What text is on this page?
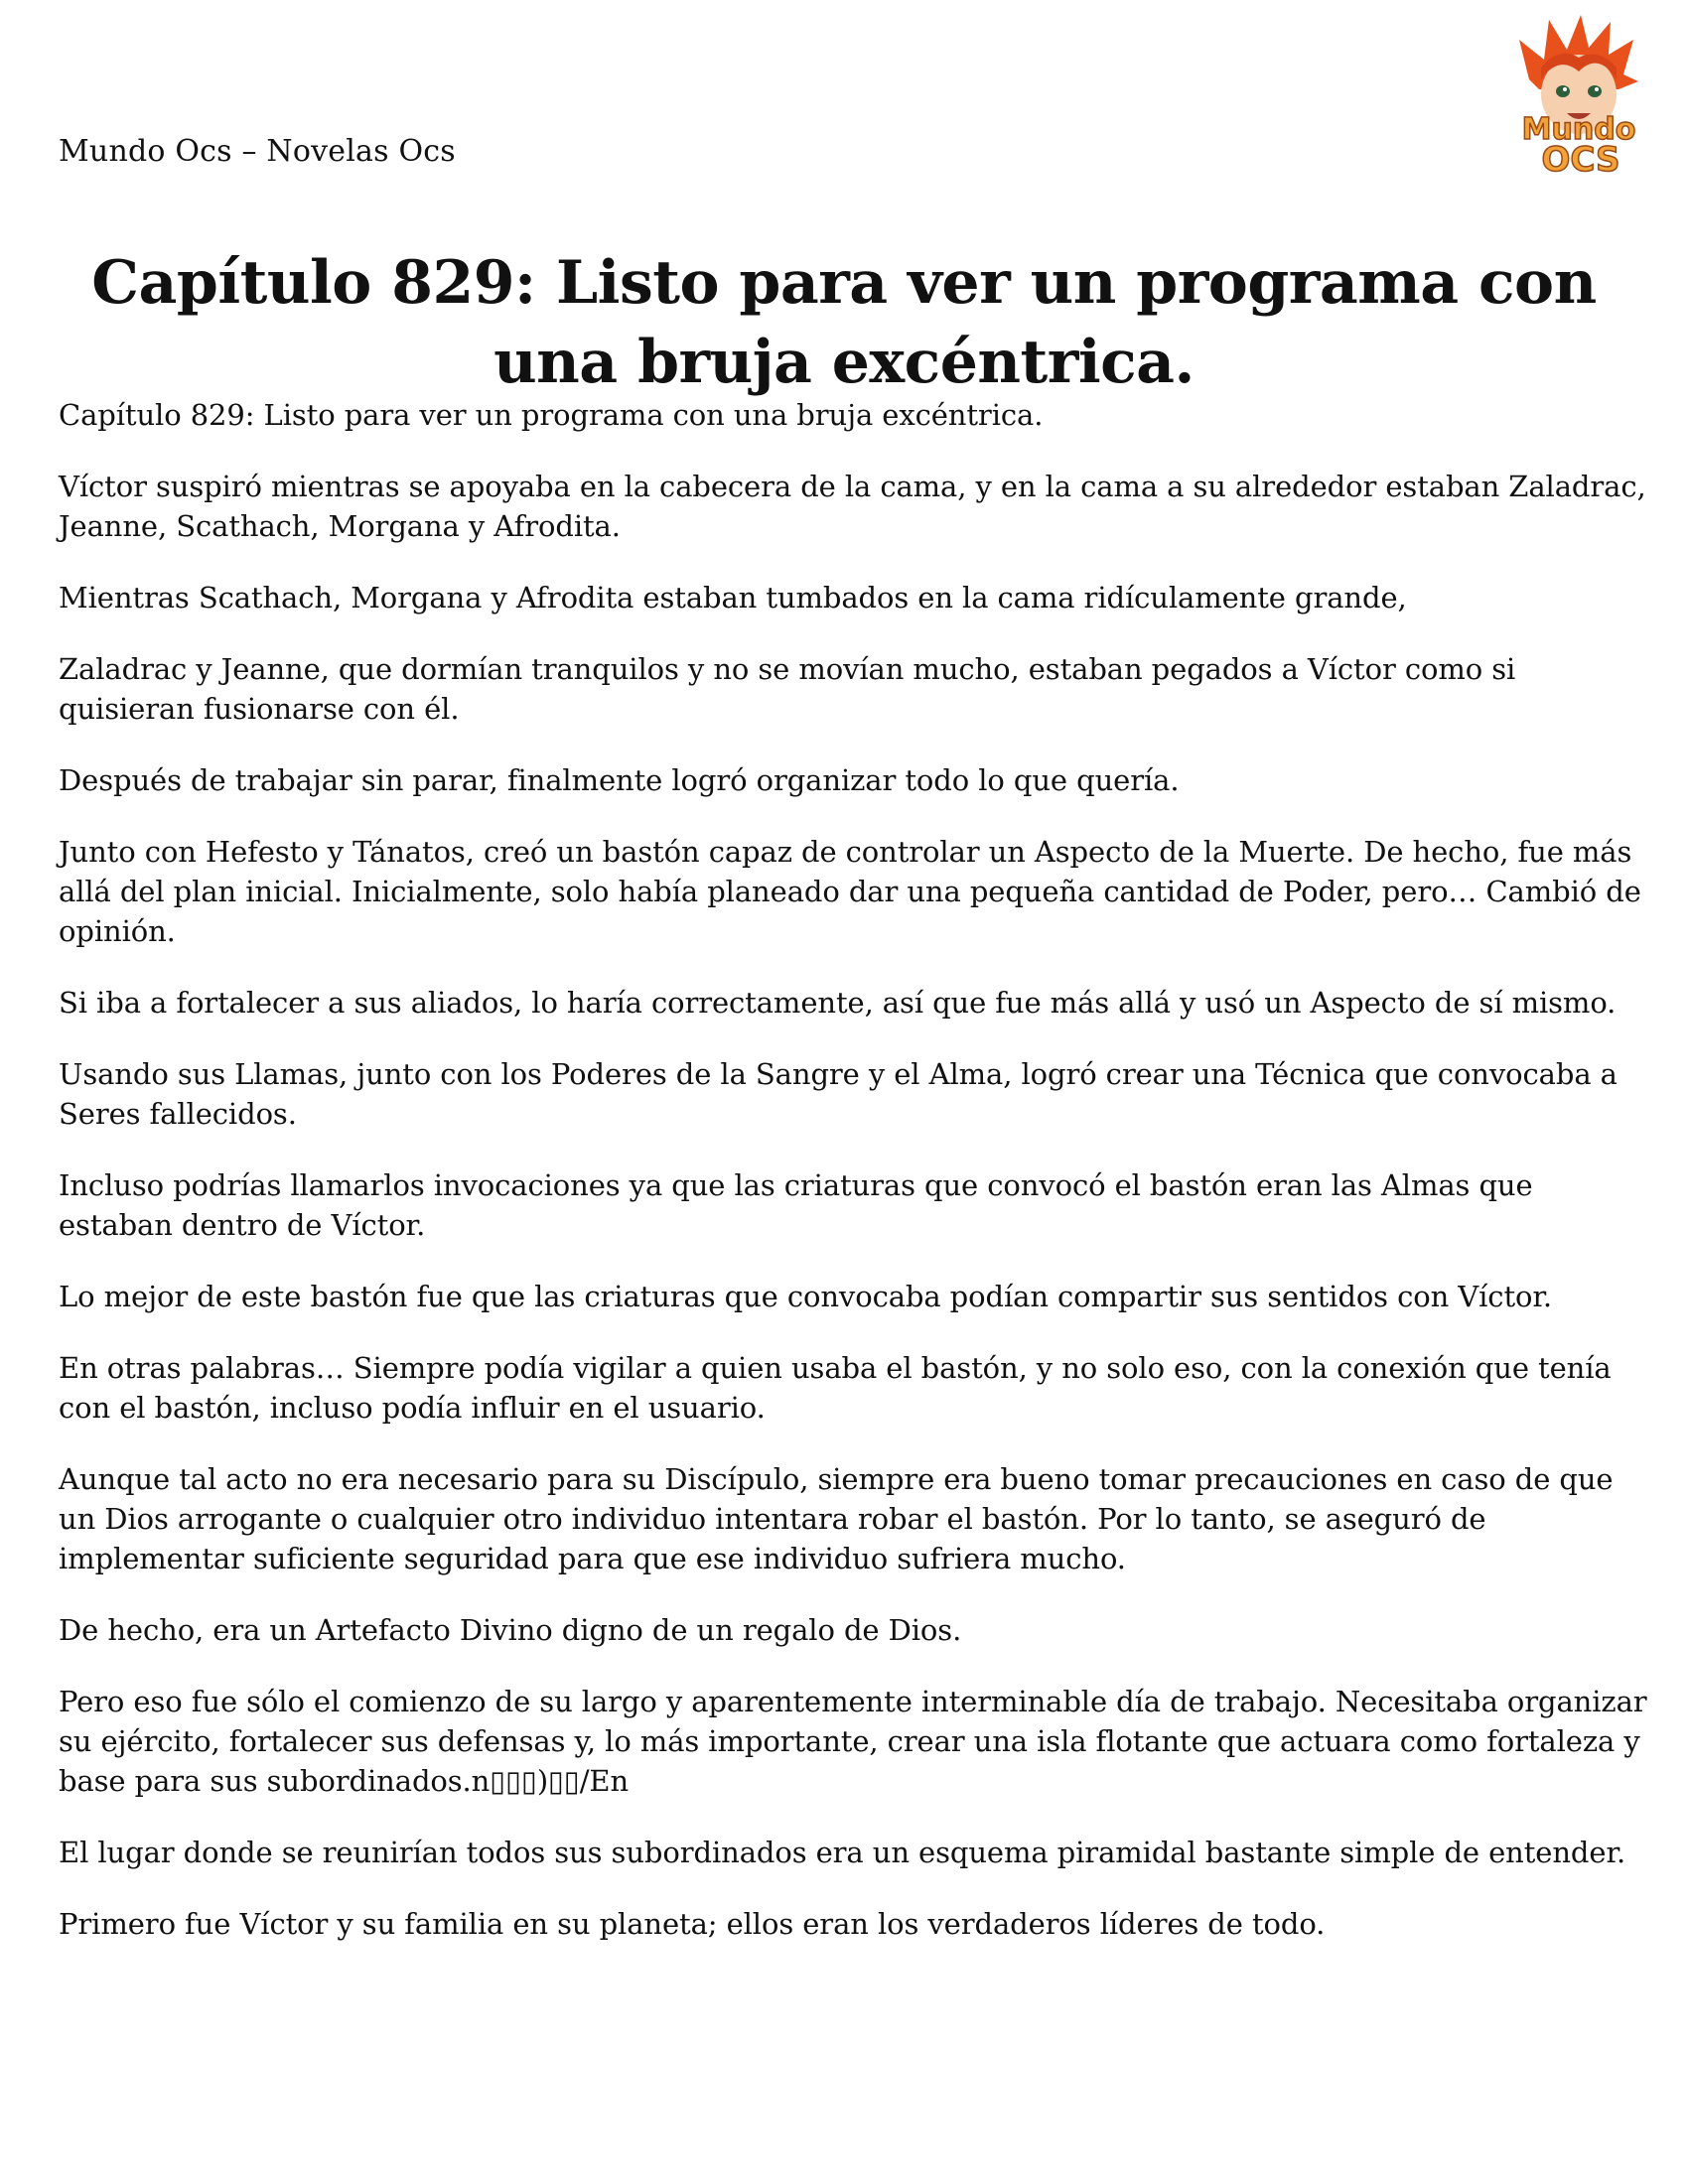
Mundo Ocs – Novelas Ocs
Mundo
OCS
Capítulo 829: Listo para ver un programa con una bruja excéntrica.

Capítulo 829: Listo para ver un programa con una bruja excéntrica.

Víctor suspiró mientras se apoyaba en la cabecera de la cama, y en la cama a su alrededor estaban Zaladrac, Jeanne, Scathach, Morgana y Afrodita.

Mientras Scathach, Morgana y Afrodita estaban tumbados en la cama ridículamente grande,

Zaladrac y Jeanne, que dormían tranquilos y no se movían mucho, estaban pegados a Víctor como si quisieran fusionarse con él.

Después de trabajar sin parar, finalmente logró organizar todo lo que quería.

Junto con Hefesto y Tánatos, creó un bastón capaz de controlar un Aspecto de la Muerte. De hecho, fue más allá del plan inicial. Inicialmente, solo había planeado dar una pequeña cantidad de Poder, pero… Cambió de opinión.

Si iba a fortalecer a sus aliados, lo haría correctamente, así que fue más allá y usó un Aspecto de sí mismo.

Usando sus Llamas, junto con los Poderes de la Sangre y el Alma, logró crear una Técnica que convocaba a Seres fallecidos.

Incluso podrías llamarlos invocaciones ya que las criaturas que convocó el bastón eran las Almas que estaban dentro de Víctor.

Lo mejor de este bastón fue que las criaturas que convocaba podían compartir sus sentidos con Víctor.

En otras palabras… Siempre podía vigilar a quien usaba el bastón, y no solo eso, con la conexión que tenía con el bastón, incluso podía influir en el usuario.

Aunque tal acto no era necesario para su Discípulo, siempre era bueno tomar precauciones en caso de que un Dios arrogante o cualquier otro individuo intentara robar el bastón. Por lo tanto, se aseguró de implementar suficiente seguridad para que ese individuo sufriera mucho.

De hecho, era un Artefacto Divino digno de un regalo de Dios.

Pero eso fue sólo el comienzo de su largo y aparentemente interminable día de trabajo. Necesitaba organizar su ejército, fortalecer sus defensas y, lo más importante, crear una isla flotante que actuara como fortaleza y base para sus subordinados.n▯▯▯)▯▯/En

El lugar donde se reunirían todos sus subordinados era un esquema piramidal bastante simple de entender.

Primero fue Víctor y su familia en su planeta; ellos eran los verdaderos líderes de todo.
